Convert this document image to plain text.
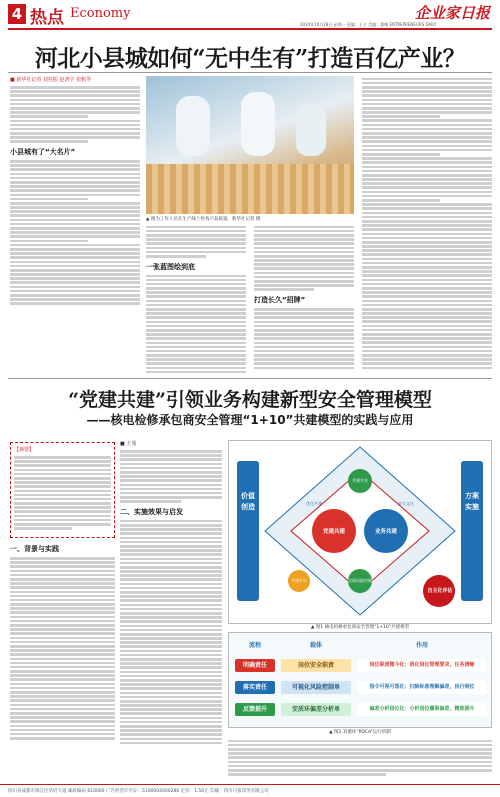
4 热点 Economy	企业家日报
2024年10月28日 星期一 责编：王丰 美编：董娜 ENTREPRENEURS DAILY
河北小县城如何“无中生有”打造百亿产业？
■ 新华社记者 刘桂振 赵鸿宇 张帆等
小县城有了“大名片”
▲ 图为工作人员在生产线上检查产品质量。新华社记者 摄
一张蓝图绘到底
打造长久“招牌”
“党建共建”引领业务构建新型安全管理模型
——核电检修承包商安全管理“1+10”共建模型的实践与应用
【摘要】
一、背景与实践
■ 王曼
二、实施效果与启发
价值创造
方案实施
党建共建	业务共建
共建共享
全面风险控制
共建平台
优化共建	安全文化
自主化评估
▲ 图1 核电检修承包商安全管理“1+10”共建模型
流程	载体	作用
明确责任	岗位安全职责	岗位职责微今化：消化岗位管理要求，任务清晰
落实责任	可视化风险控制单	指令可视可落化：扫除标准理解偏差，执行到位
反馈提升	安质环偏差分析单	偏差分析岗位化：分析岗位履职偏差，精准提升
▲ 图2 双循环“PDCA”运行机制
四川省成都市锦江区华府大道 邮政编码 610000 广告经营许可证：5100004000286 定价：1.50元 印刷：四川日报印务有限公司
